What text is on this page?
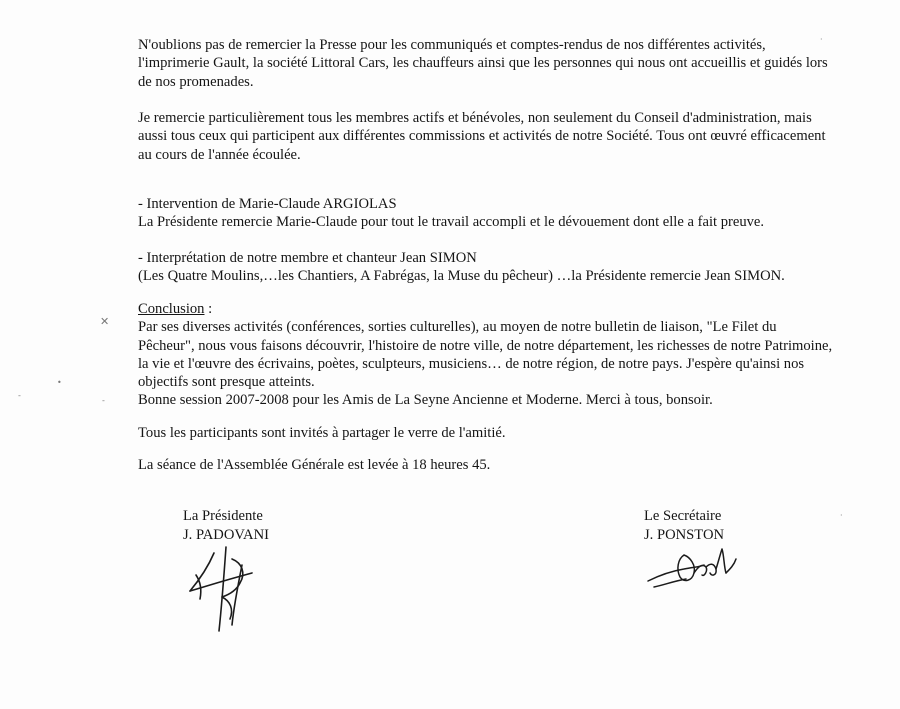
N'oublions pas de remercier la Presse pour les communiqués et comptes-rendus de nos différentes activités,
l'imprimerie Gault, la société Littoral Cars, les chauffeurs ainsi que les personnes qui nous ont accueillis et guidés lors
de nos promenades.

Je remercie particulièrement tous les membres actifs et bénévoles, non seulement du Conseil d'administration, mais
aussi tous ceux qui participent aux différentes commissions et activités de notre Société. Tous ont œuvré efficacement
au cours de l'année écoulée.

- Intervention de Marie-Claude ARGIOLAS
La Présidente remercie Marie-Claude pour tout le travail accompli et le dévouement dont elle a fait preuve.

- Interprétation de notre membre et chanteur Jean SIMON
(Les Quatre Moulins,…les Chantiers, A Fabrégas, la Muse du pêcheur) …la Présidente remercie Jean SIMON.

Conclusion :
Par ses diverses activités (conférences, sorties culturelles), au moyen de notre bulletin de liaison, "Le Filet du
Pêcheur", nous vous faisons découvrir, l'histoire de notre ville, de notre département, les richesses de notre Patrimoine,
la vie et l'œuvre des écrivains, poètes, sculpteurs, musiciens… de notre région, de notre pays. J'espère qu'ainsi nos
objectifs sont presque atteints.
Bonne session 2007-2008 pour les Amis de La Seyne Ancienne et Moderne. Merci à tous, bonsoir.

Tous les participants sont invités à partager le verre de l'amitié.

La séance de l'Assemblée Générale est levée à 18 heures 45.

La Présidente
J. PADOVANI
Le Secrétaire
J. PONSTON
✕
•
-
-
·
·
